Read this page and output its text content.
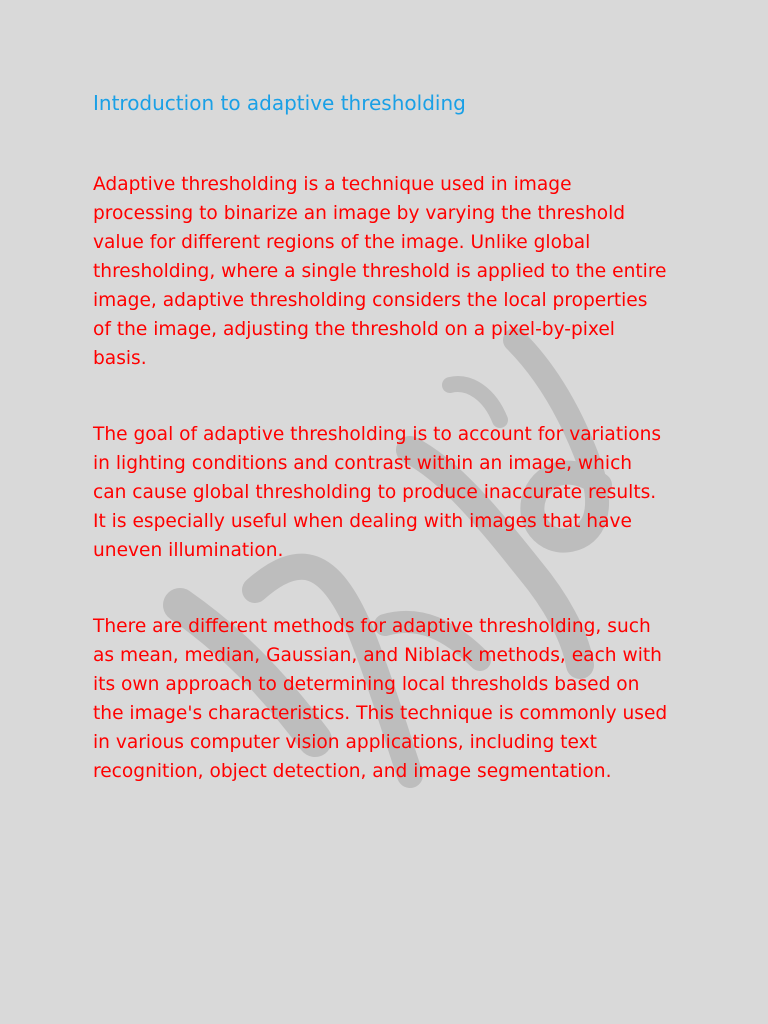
Introduction to adaptive thresholding
Adaptive thresholding is a technique used in image
processing to binarize an image by varying the threshold
value for different regions of the image. Unlike global
thresholding, where a single threshold is applied to the entire
image, adaptive thresholding considers the local properties
of the image, adjusting the threshold on a pixel-by-pixel
basis.
The goal of adaptive thresholding is to account for variations
in lighting conditions and contrast within an image, which
can cause global thresholding to produce inaccurate results.
It is especially useful when dealing with images that have
uneven illumination.
There are different methods for adaptive thresholding, such
as mean, median, Gaussian, and Niblack methods, each with
its own approach to determining local thresholds based on
the image's characteristics. This technique is commonly used
in various computer vision applications, including text
recognition, object detection, and image segmentation.
